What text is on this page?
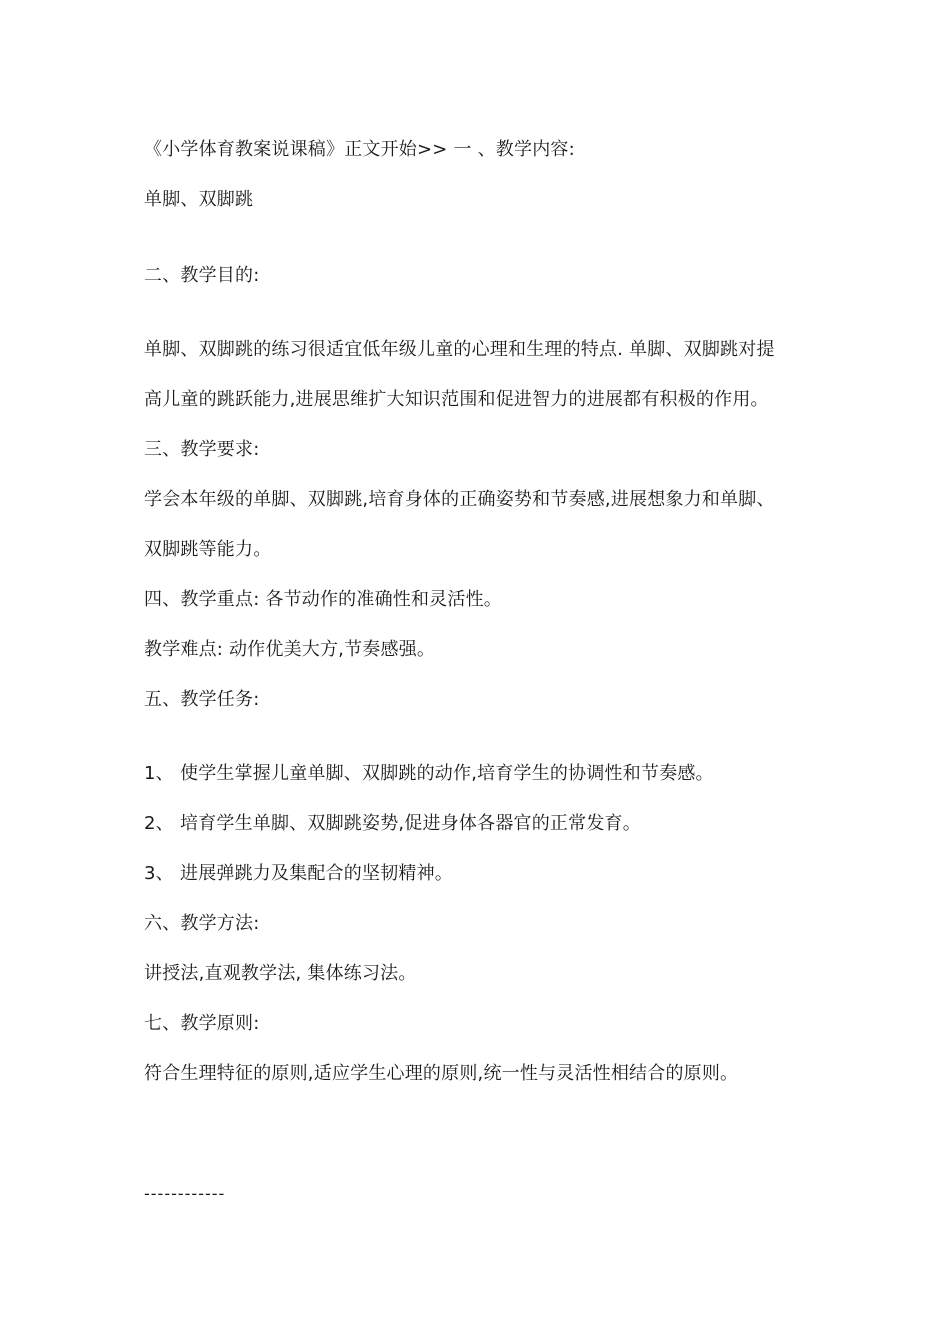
《小学体育教案说课稿》正文开始>> 一 、教学内容:
单脚、双脚跳
二、教学目的:
单脚、双脚跳的练习很适宜低年级儿童的心理和生理的特点. 单脚、双脚跳对提
高儿童的跳跃能力,进展思维扩大知识范围和促进智力的进展都有积极的作用。
三、教学要求:
学会本年级的单脚、双脚跳,培育身体的正确姿势和节奏感,进展想象力和单脚、
双脚跳等能力。
四、教学重点: 各节动作的准确性和灵活性。
教学难点: 动作优美大方,节奏感强。
五、教学任务:
1、 使学生掌握儿童单脚、双脚跳的动作,培育学生的协调性和节奏感。
2、 培育学生单脚、双脚跳姿势,促进身体各器官的正常发育。
3、 进展弹跳力及集配合的坚韧精神。
六、教学方法:
讲授法,直观教学法, 集体练习法。
七、教学原则:
符合生理特征的原则,适应学生心理的原则,统一性与灵活性相结合的原则。
------------
